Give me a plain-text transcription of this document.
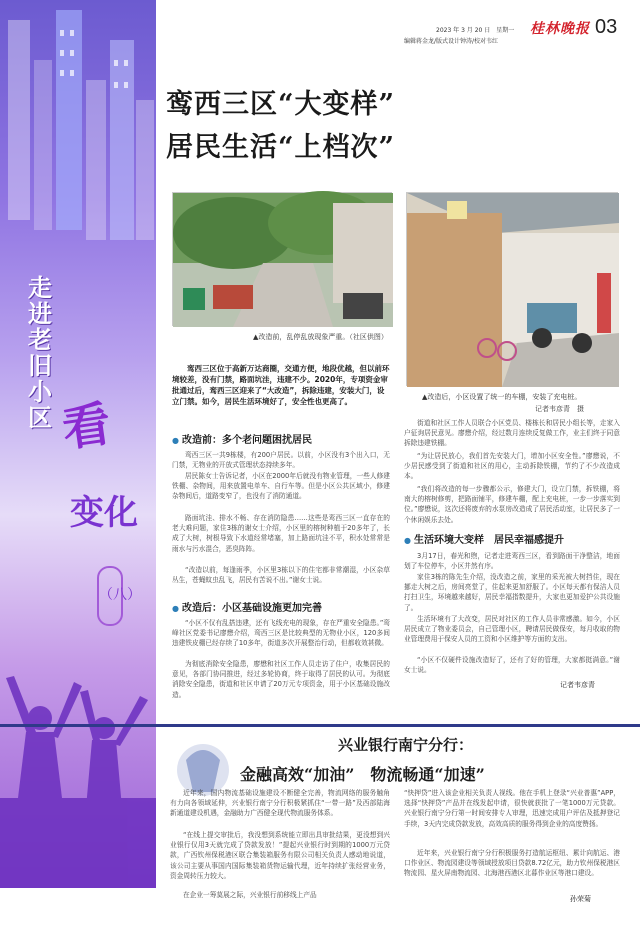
2023 年 3 月 20 日　星期一
编辑蒋金龙/版式设计钟涛/校对韦红
桂林晚报 03
走进老旧小区 看
变化
（八）
鸾西三区“大变样”
居民生活“上档次”
▲改造前，乱停乱放现象严重。（社区供图）
▲改造后，小区设置了统一的车棚，安装了充电桩。
记者韦彦青　摄
鸾西三区位于高新万达商圈，交通方便，地段优越，但以前环境较差，没有门禁，路面坑洼，违建不少。2020年，专项资金审批通过后，鸾西三区迎来了“大改造”，拆除违建，安装大门，设立门禁。如今，居民生活环境好了，安全性也更高了。
● 改造前：多个老问题困扰居民
鸾西三区一共9栋楼，有200户居民。以前，小区没有3个出入口，无门禁，无物业的开放式管理状态持续多年。
居民陈女士告诉记者，小区在2000年后就没有物业管理，一些人修建铁棚、杂物间，用来放置电单车、自行车等。但是小区公共区域小，修建杂物间后，道路变窄了，也没有了消防通道。
路面坑洼、排水不畅、存在消防隐患……这些是鸾西三区一直存在的老大难问题，家住3栋的谢女士介绍，小区里的榕树种植于20多年了，长成了大树，树根导致下水道经常堵塞，加上路面坑洼不平，积水处常常是雨水与污水混合，恶臭阵阵。
“改造以前，每逢雨季，小区里3栋以下的住宅都非常潮湿，小区杂草丛生，苍蝇蚊虫乱飞，居民有苦说不出。”谢女士说。
● 改造后：小区基础设施更加完善
“小区不仅有乱搭违建，还有飞线充电的现象，存在严重安全隐患。”鸾峰社区党委书记廖懋介绍，鸾西三区是比较典型的无物业小区，120多间违建铁皮棚已经存续了10多年，街道多次开展整治行动，但都收效甚微。
为彻底消除安全隐患，廖懋和社区工作人员走访了住户，收集居民的意见，各部门协同推进，经过多轮协商，终于取得了居民的认可。为彻底消除安全隐患，街道和社区申请了20万元专项资金，用于小区基础设施改造。
街道和社区工作人员联合小区党员、楼栋长和居民小组长等，走家入户征询居民意见。廖懋介绍，经过数月连续反复做工作，业主们终于同意拆除违建铁棚。
“为让居民放心，我们首先安装大门，增加小区安全性。”廖懋说，不少居民感受到了街道和社区的用心，主动拆除铁棚，节约了不少改造成本。
“我们将改造的每一步骤都公示，修建大门，设立门禁，拆铁棚，将南大的榕树修剪，把路面铺平，修建车棚，配上充电桩，一步一步落实到位。”廖懋说，这次还将废弃的水泵房改造成了居民活动室，让居民多了一个休闲娱乐去处。
● 生活环境大变样　居民幸福感提升
3月17日，春光和煦，记者走进鸾西三区，看到路面干净整洁，地面划了车位停车，小区井然有序。
家住3栋的陈先生介绍，没改造之前，家里的采光被大树挡住，现在挪走大树之后，房间亮堂了，住起来更加舒服了。小区每天都有保洁人员打扫卫生，环境越来越好，居民幸福指数提升，大家也更加爱护公共设施了。
生活环境有了大改变，居民对社区的工作人员非常感激。如今，小区居民成立了物业委员会，自己管理小区，聘请居民做保安，每月收取的物业管理费用于保安人员的工资和小区维护等方面的支出。
“小区不仅硬件设施改造好了，还有了好的管理，大家都挺满意。”谢女士说。
记者韦彦青
兴业银行南宁分行：
金融高效“加油”　物流畅通“加速”
近年来，国内物流基础设施建设不断健全完善，物流网络的服务触角有力向各领域延伸，兴业银行南宁分行积极紧抓住“一带一路”及西部陆海新通道建设机遇，金融助力广西健全现代物流服务体系。
“在线上提交审批后，我没想到系统能立即出具审批结果，更没想到兴业银行仅用3天就完成了贷款发放！”提起兴业银行时到期的1000万元贷款，广西钦州保税港区联合集装箱服务有限公司相关负责人感动地说道，该公司主要从事国内国际集装箱货物运输代理，近年持续扩张经营业务，资金周转压力较大。
在企业一筹莫展之际，兴业银行前移线上产品
“快押贷”进入该企业相关负责人视线。他在手机上登录“兴业普惠”APP，选择“快押贷”产品并在线发起申请，很快就获批了一笔1000万元贷款。兴业银行南宁分行第一时间安排专人审理，迅速完成用户评估及抵押登记手续，3天内完成贷款发放，高效高质的服务得到企业的高度赞扬。
近年来，兴业银行南宁分行积极服务打造航运枢纽、累计向航运、港口作业区、物流园建设等领域授放项目贷款8.72亿元，助力钦州保税港区物流园、星火屏南物流园、北海港西港区北暮作业区等港口建设。
孙荣菊
